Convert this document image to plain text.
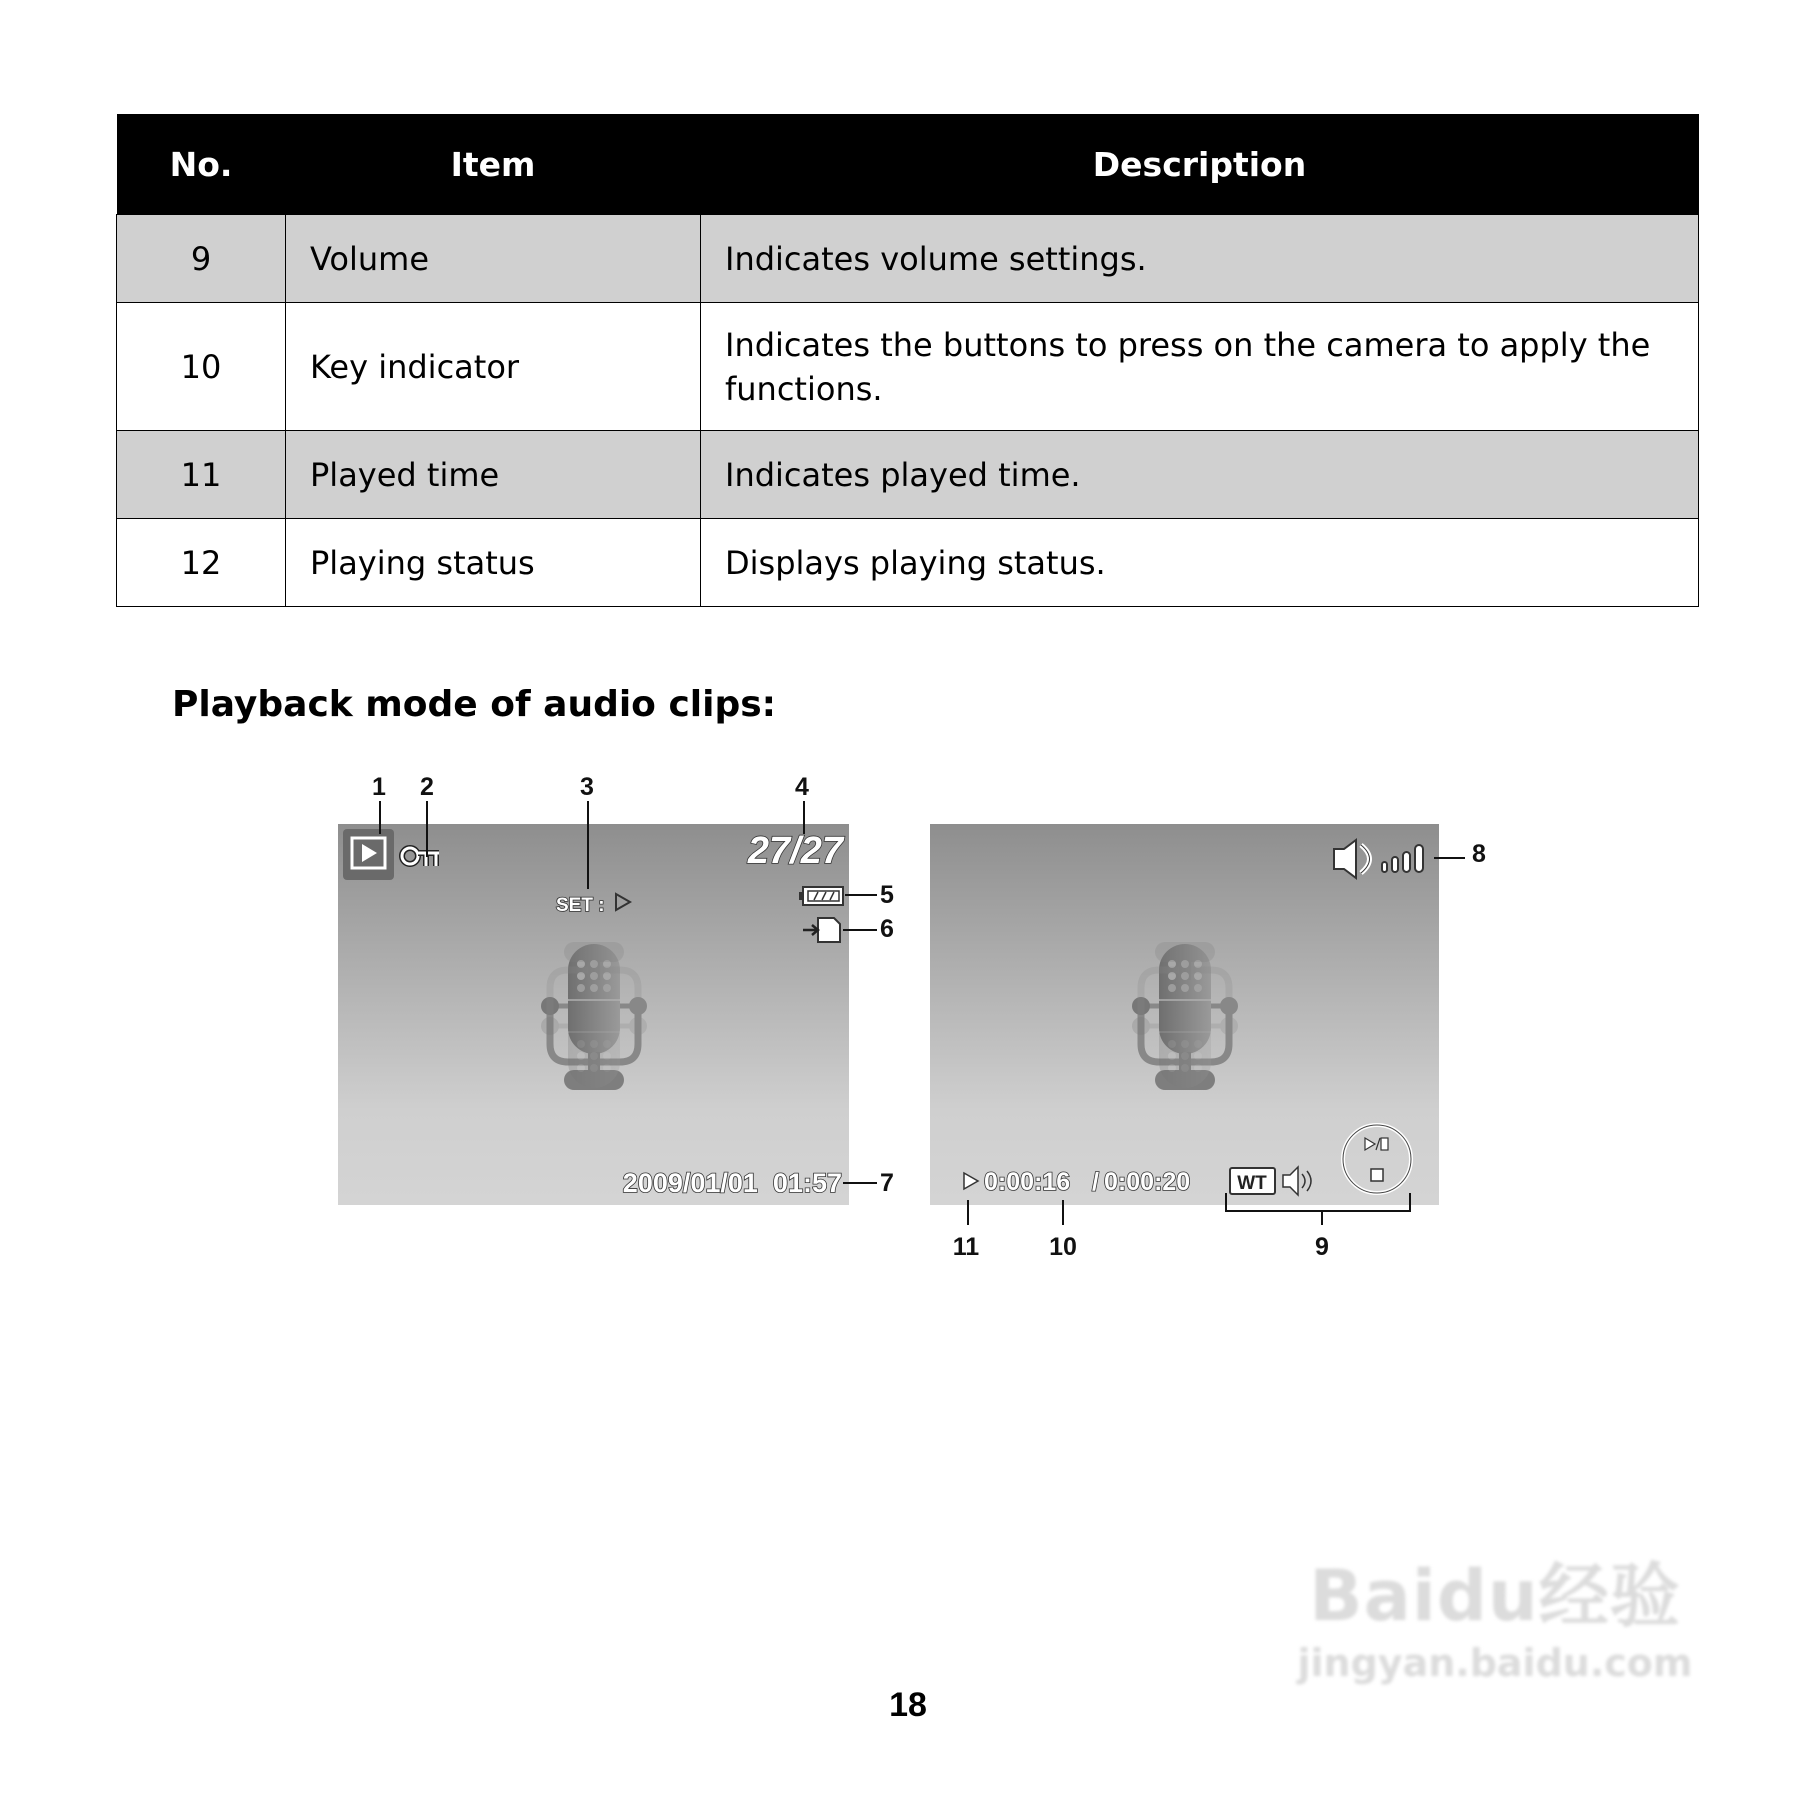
No.	Item	Description
9	Volume	Indicates volume settings.
10	Key indicator	Indicates the buttons to press on the camera to apply the functions.
11	Played time	Indicates played time.
12	Playing status	Displays playing status.
Playback mode of audio clips:
SET :
27/27
2009/01/01  01:57
1 2	3	4
5
6
7	0:00:16 / 0:00:20 WT
8
9
10
11
18
Baidu经验
jingyan.baidu.com
